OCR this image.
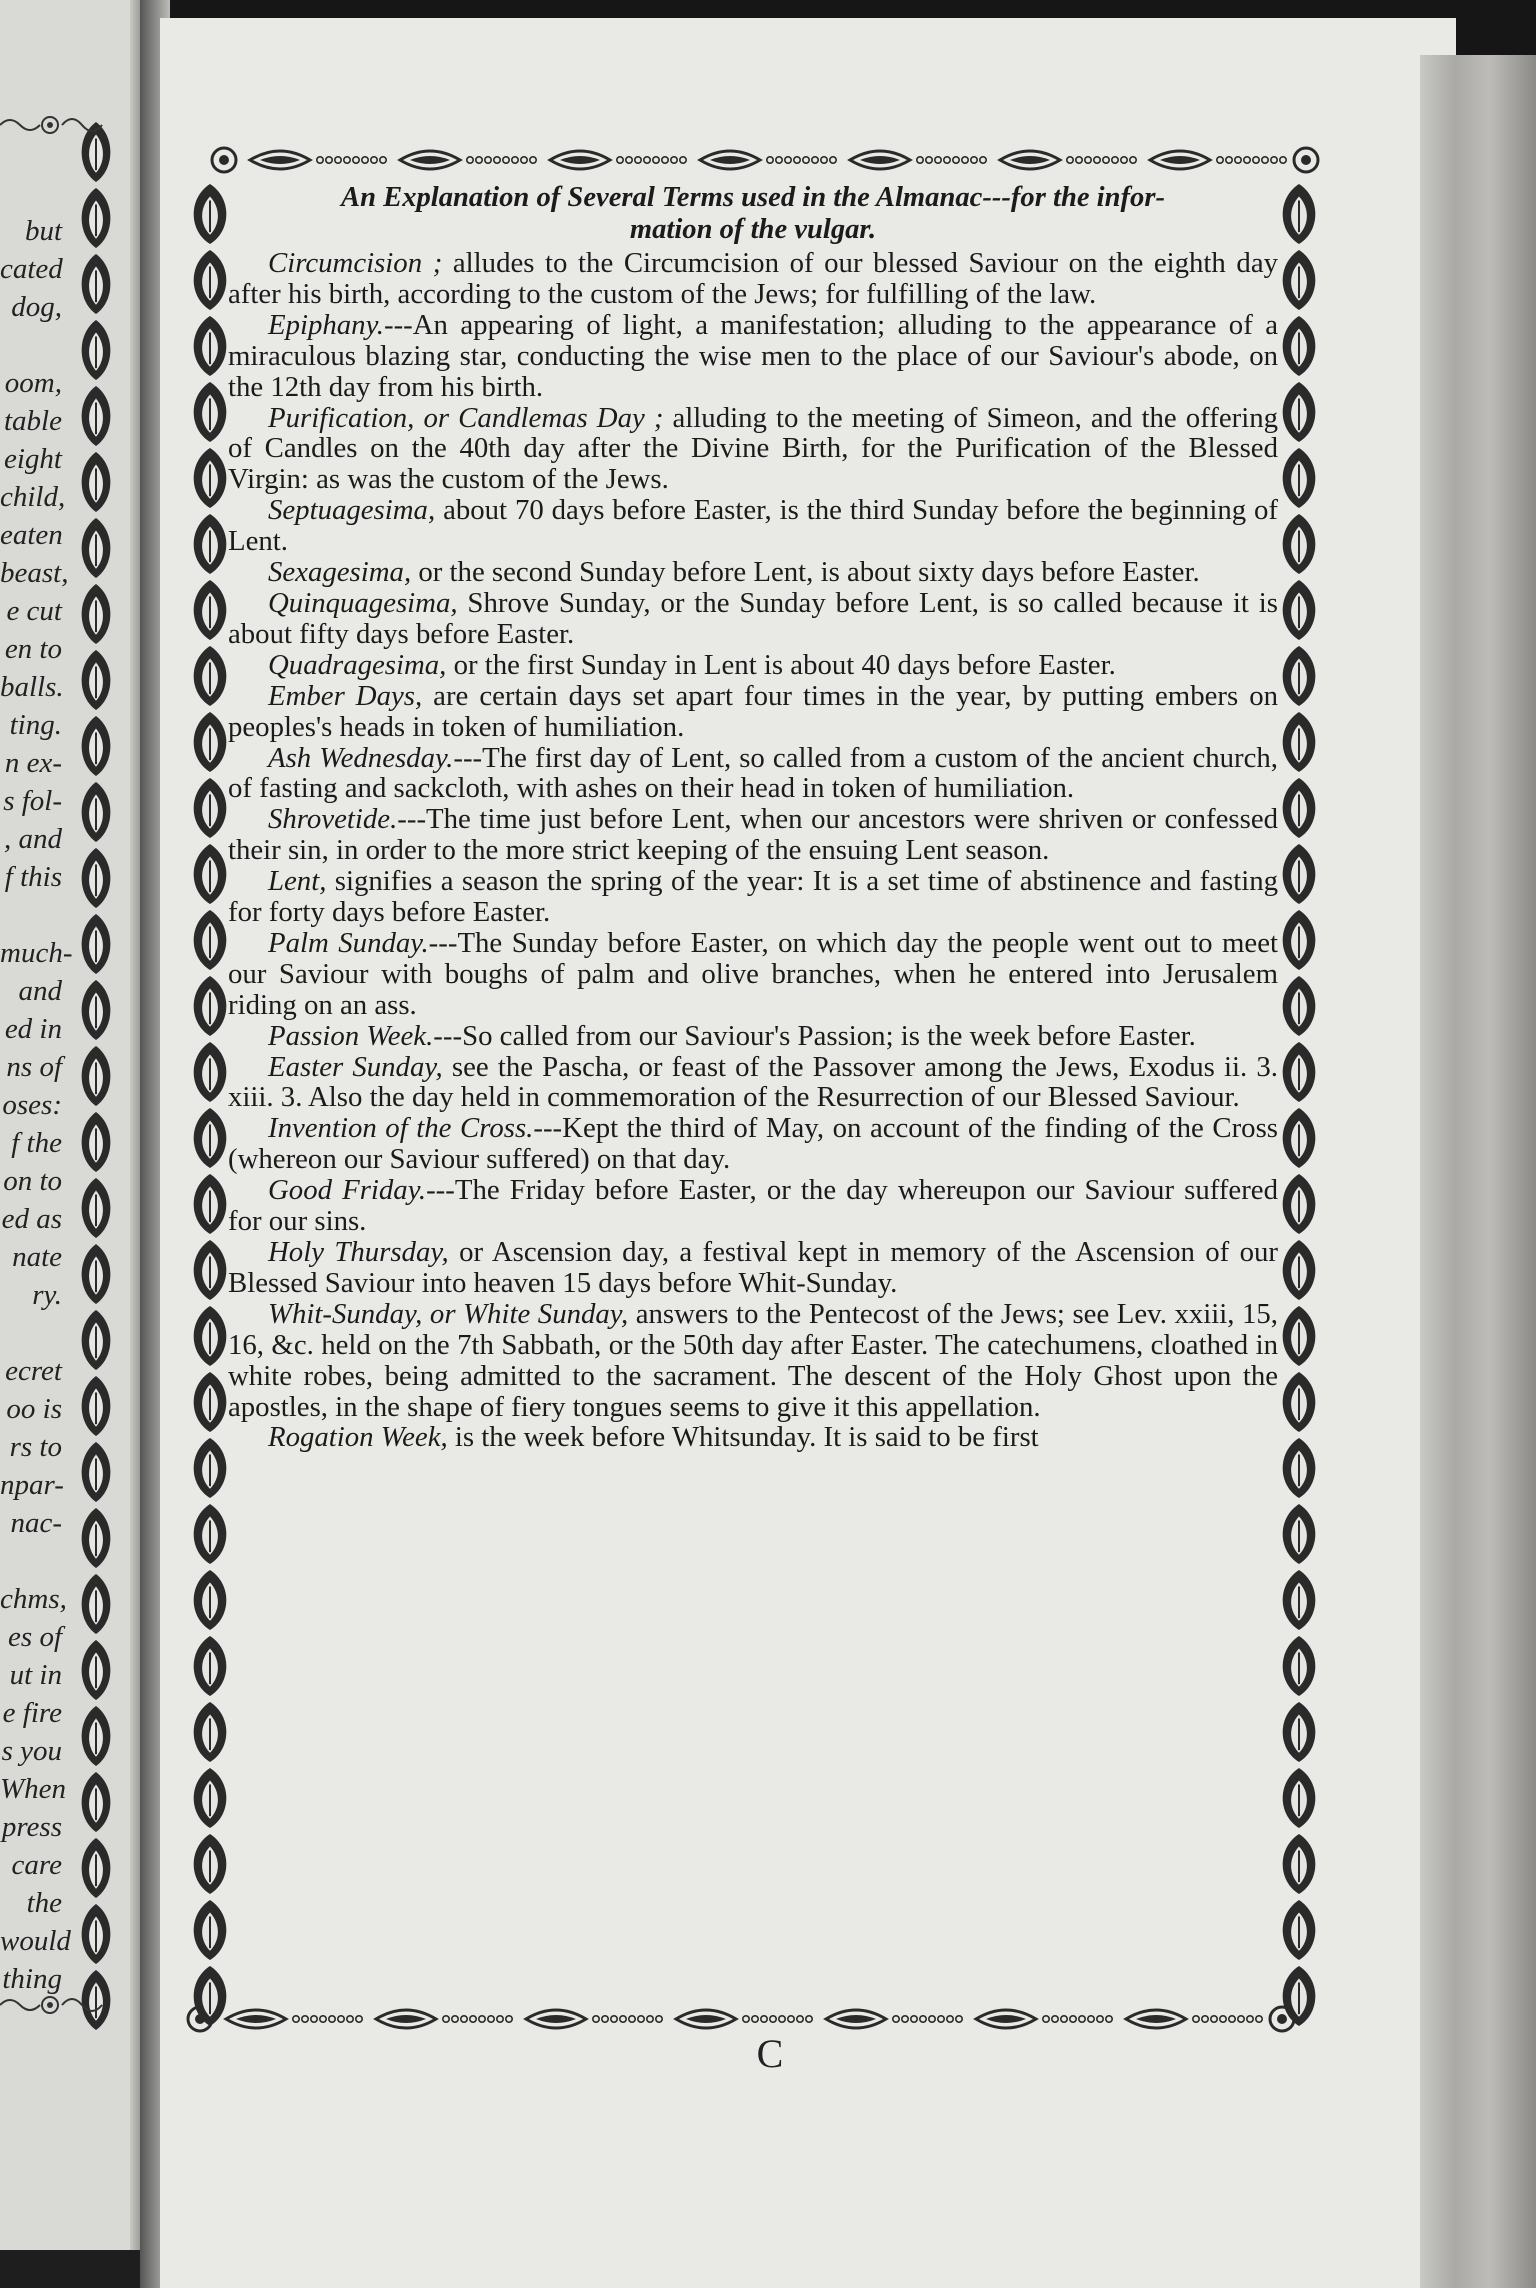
but
cated
dog,
oom,
table
eight
child,
eaten
beast,
e cut
en to
balls.
ting.
n ex-
s fol-
, and
f this
much-
and
ed in
ns of
oses:
f the
on to
ed as
nate
ry.
ecret
oo is
rs to
npar-
nac-
chms,
es of
ut in
e fire
s you
When
press
care
the
would
thing

An Explanation of Several Terms used in the Almanac---for the infor-
mation of the vulgar.

Circumcision ; alludes to the Circumcision of our blessed Saviour on the eighth day after his birth, according to the custom of the Jews; for fulfilling of the law.

Epiphany.---An appearing of light, a manifestation; alluding to the appearance of a miraculous blazing star, conducting the wise men to the place of our Saviour's abode, on the 12th day from his birth.

Purification, or Candlemas Day ; alluding to the meeting of Simeon, and the offering of Candles on the 40th day after the Divine Birth, for the Purification of the Blessed Virgin: as was the custom of the Jews.

Septuagesima, about 70 days before Easter, is the third Sunday before the beginning of Lent.

Sexagesima, or the second Sunday before Lent, is about sixty days before Easter.

Quinquagesima, Shrove Sunday, or the Sunday before Lent, is so called because it is about fifty days before Easter.

Quadragesima, or the first Sunday in Lent is about 40 days before Easter.

Ember Days, are certain days set apart four times in the year, by putting embers on peoples's heads in token of humiliation.

Ash Wednesday.---The first day of Lent, so called from a custom of the ancient church, of fasting and sackcloth, with ashes on their head in token of humiliation.

Shrovetide.---The time just before Lent, when our ancestors were shriven or confessed their sin, in order to the more strict keeping of the ensuing Lent season.

Lent, signifies a season the spring of the year: It is a set time of abstinence and fasting for forty days before Easter.

Palm Sunday.---The Sunday before Easter, on which day the people went out to meet our Saviour with boughs of palm and olive branches, when he entered into Jerusalem riding on an ass.

Passion Week.---So called from our Saviour's Passion; is the week before Easter.

Easter Sunday, see the Pascha, or feast of the Passover among the Jews, Exodus ii. 3. xiii. 3. Also the day held in commemoration of the Resurrection of our Blessed Saviour.

Invention of the Cross.---Kept the third of May, on account of the finding of the Cross (whereon our Saviour suffered) on that day.

Good Friday.---The Friday before Easter, or the day whereupon our Saviour suffered for our sins.

Holy Thursday, or Ascension day, a festival kept in memory of the Ascension of our Blessed Saviour into heaven 15 days before Whit-Sunday.

Whit-Sunday, or White Sunday, answers to the Pentecost of the Jews; see Lev. xxiii, 15, 16, &c. held on the 7th Sabbath, or the 50th day after Easter. The catechumens, cloathed in white robes, being admitted to the sacrament. The descent of the Holy Ghost upon the apostles, in the shape of fiery tongues seems to give it this appellation.

Rogation Week, is the week before Whitsunday. It is said to be first

C
